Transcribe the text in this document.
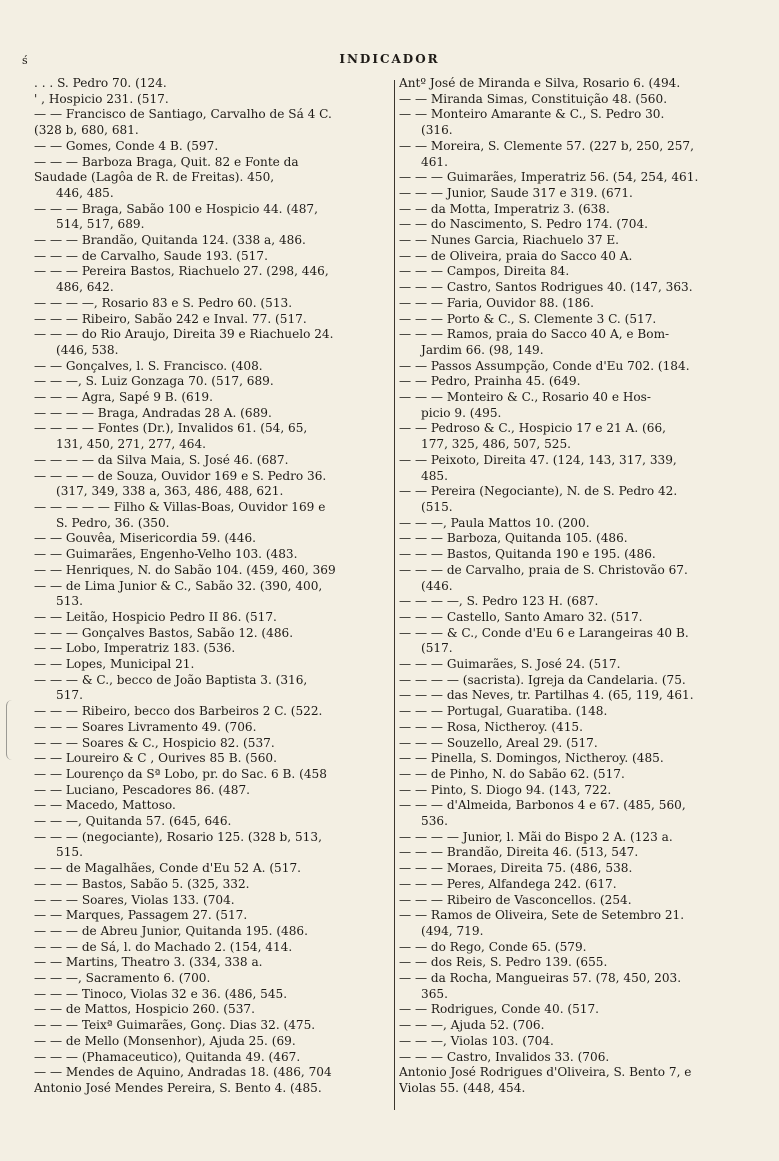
ś	INDICADOR
. . . S. Pedro 70. (124.
' , Hospicio 231. (517.
— — Francisco de Santiago, Carvalho de Sá 4 C.
(328 b, 680, 681.
— — Gomes, Conde 4 B. (597.
— — — Barboza Braga, Quit. 82 e Fonte da
Saudade (Lagôa de R. de Freitas). 450,
446, 485.
— — — Braga, Sabão 100 e Hospicio 44. (487,
514, 517, 689.
— — — Brandão, Quitanda 124. (338 a, 486.
— — — de Carvalho, Saude 193. (517.
— — — Pereira Bastos, Riachuelo 27. (298, 446,
486, 642.
— — — —, Rosario 83 e S. Pedro 60. (513.
— — — Ribeiro, Sabão 242 e Inval. 77. (517.
— — — do Rio Araujo, Direita 39 e Riachuelo 24.
(446, 538.
— — Gonçalves, l. S. Francisco. (408.
— — —, S. Luiz Gonzaga 70. (517, 689.
— — — Agra, Sapé 9 B. (619.
— — — — Braga, Andradas 28 A. (689.
— — — — Fontes (Dr.), Invalidos 61. (54, 65,
131, 450, 271, 277, 464.
— — — — da Silva Maia, S. José 46. (687.
— — — — de Souza, Ouvidor 169 e S. Pedro 36.
(317, 349, 338 a, 363, 486, 488, 621.
— — — — — Filho & Villas-Boas, Ouvidor 169 e
S. Pedro, 36. (350.
— — Gouvêa, Misericordia 59. (446.
— — Guimarães, Engenho-Velho 103. (483.
— — Henriques, N. do Sabão 104. (459, 460, 369
— — de Lima Junior & C., Sabão 32. (390, 400,
513.
— — Leitão, Hospicio Pedro II 86. (517.
— — — Gonçalves Bastos, Sabão 12. (486.
— — Lobo, Imperatriz 183. (536.
— — Lopes, Municipal 21.
— — — & C., becco de João Baptista 3. (316,
517.
— — — Ribeiro, becco dos Barbeiros 2 C. (522.
— — — Soares Livramento 49. (706.
— — — Soares & C., Hospicio 82. (537.
— — Loureiro & C , Ourives 85 B. (560.
— — Lourenço da Sª Lobo, pr. do Sac. 6 B. (458
— — Luciano, Pescadores 86. (487.
— — Macedo, Mattoso.
— — —, Quitanda 57. (645, 646.
— — — (negociante), Rosario 125. (328 b, 513,
515.
— — de Magalhães, Conde d'Eu 52 A. (517.
— — — Bastos, Sabão 5. (325, 332.
— — — Soares, Violas 133. (704.
— — Marques, Passagem 27. (517.
— — — de Abreu Junior, Quitanda 195. (486.
— — — de Sá, l. do Machado 2. (154, 414.
— — Martins, Theatro 3. (334, 338 a.
— — —, Sacramento 6. (700.
— — — Tinoco, Violas 32 e 36. (486, 545.
— — de Mattos, Hospicio 260. (537.
— — — Teixª Guimarães, Gonç. Dias 32. (475.
— — de Mello (Monsenhor), Ajuda 25. (69.
— — — (Phamaceutico), Quitanda 49. (467.
— — Mendes de Aquino, Andradas 18. (486, 704
Antonio José Mendes Pereira, S. Bento 4. (485.
Antº José de Miranda e Silva, Rosario 6. (494.
— — Miranda Simas, Constituição 48. (560.
— — Monteiro Amarante & C., S. Pedro 30.
(316.
— — Moreira, S. Clemente 57. (227 b, 250, 257,
461.
— — — Guimarães, Imperatriz 56. (54, 254, 461.
— — — Junior, Saude 317 e 319. (671.
— — da Motta, Imperatriz 3. (638.
— — do Nascimento, S. Pedro 174. (704.
— — Nunes Garcia, Riachuelo 37 E.
— — de Oliveira, praia do Sacco 40 A.
— — — Campos, Direita 84.
— — — Castro, Santos Rodrigues 40. (147, 363.
— — — Faria, Ouvidor 88. (186.
— — — Porto & C., S. Clemente 3 C. (517.
— — — Ramos, praia do Sacco 40 A, e Bom-
Jardim 66. (98, 149.
— — Passos Assumpção, Conde d'Eu 702. (184.
— — Pedro, Prainha 45. (649.
— — — Monteiro & C., Rosario 40 e Hos-
picio 9. (495.
— — Pedroso & C., Hospicio 17 e 21 A. (66,
177, 325, 486, 507, 525.
— — Peixoto, Direita 47. (124, 143, 317, 339,
485.
— — Pereira (Negociante), N. de S. Pedro 42.
(515.
— — —, Paula Mattos 10. (200.
— — — Barboza, Quitanda 105. (486.
— — — Bastos, Quitanda 190 e 195. (486.
— — — de Carvalho, praia de S. Christovão 67.
(446.
— — — —, S. Pedro 123 H. (687.
— — — Castello, Santo Amaro 32. (517.
— — — & C., Conde d'Eu 6 e Larangeiras 40 B.
(517.
— — — Guimarães, S. José 24. (517.
— — — — (sacrista). Igreja da Candelaria. (75.
— — — das Neves, tr. Partilhas 4. (65, 119, 461.
— — — Portugal, Guaratiba. (148.
— — — Rosa, Nictheroy. (415.
— — — Souzello, Areal 29. (517.
— — Pinella, S. Domingos, Nictheroy. (485.
— — de Pinho, N. do Sabão 62. (517.
— — Pinto, S. Diogo 94. (143, 722.
— — — d'Almeida, Barbonos 4 e 67. (485, 560,
536.
— — — — Junior, l. Mãi do Bispo 2 A. (123 a.
— — — Brandão, Direita 46. (513, 547.
— — — Moraes, Direita 75. (486, 538.
— — — Peres, Alfandega 242. (617.
— — — Ribeiro de Vasconcellos. (254.
— — Ramos de Oliveira, Sete de Setembro 21.
(494, 719.
— — do Rego, Conde 65. (579.
— — dos Reis, S. Pedro 139. (655.
— — da Rocha, Mangueiras 57. (78, 450, 203.
365.
— — Rodrigues, Conde 40. (517.
— — —, Ajuda 52. (706.
— — —, Violas 103. (704.
— — — Castro, Invalidos 33. (706.
Antonio José Rodrigues d'Oliveira, S. Bento 7, e
Violas 55. (448, 454.
